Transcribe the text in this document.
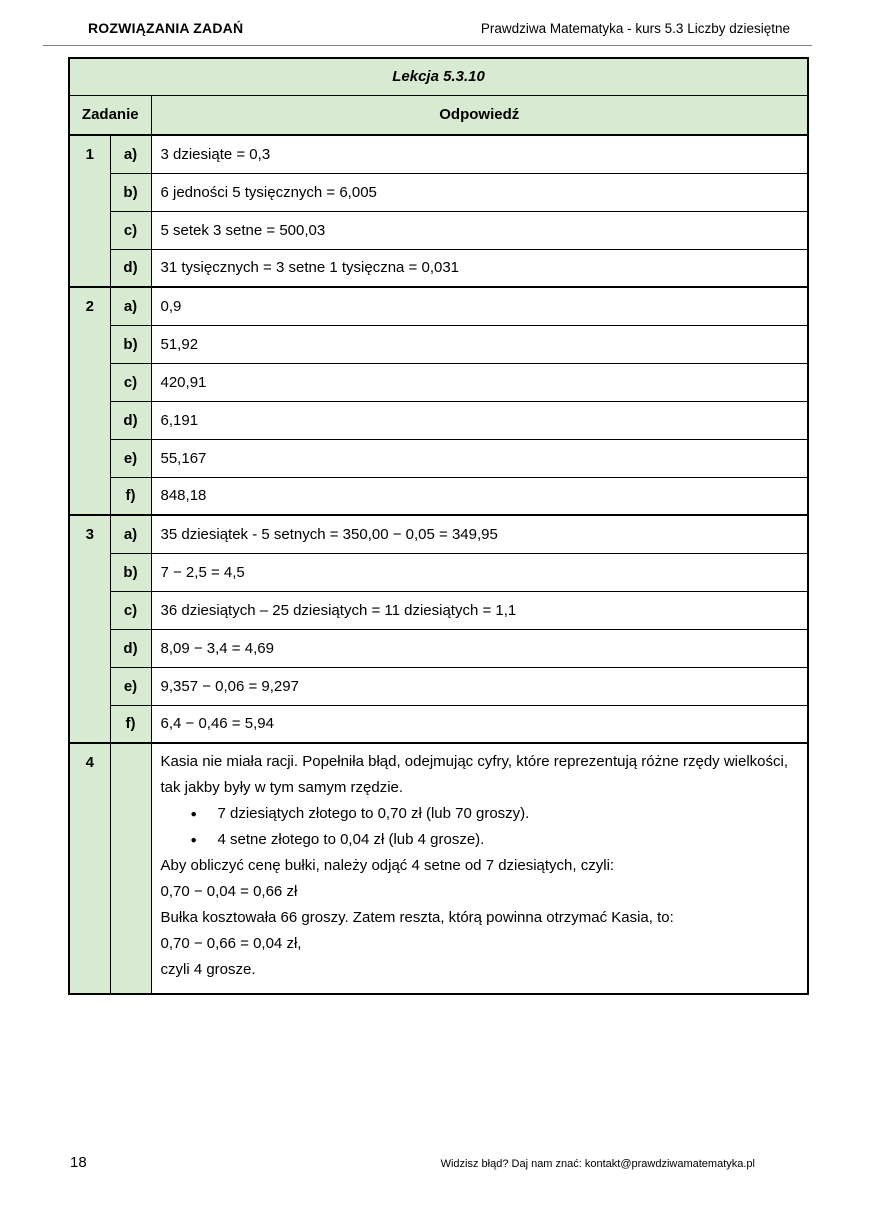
ROZWIĄZANIA ZADAŃ	Prawdziwa Matematyka - kurs 5.3 Liczby dziesiętne
Lekcja 5.3.10		
Zadanie		Odpowiedź
1	a)	3 dziesiąte = 0,3
	b)	6 jedności 5 tysięcznych = 6,005
	c)	5 setek 3 setne = 500,03
	d)	31 tysięcznych = 3 setne 1 tysięczna = 0,031
2	a)	0,9
	b)	51,92
	c)	420,91
	d)	6,191
	e)	55,167
	f)	848,18
3	a)	35 dziesiątek - 5 setnych = 350,00 − 0,05 = 349,95
	b)	7 − 2,5 = 4,5
	c)	36 dziesiątych – 25 dziesiątych = 11 dziesiątych = 1,1
	d)	8,09 − 3,4 = 4,69
	e)	9,357 − 0,06 = 9,297
	f)	6,4 − 0,46 = 5,94
4		Kasia nie miała racji. Popełniła błąd, odejmując cyfry, które reprezentują różne rzędy wielkości, tak jakby były w tym samym rzędzie.

● 7 dziesiątych złotego to 0,70 zł (lub 70 groszy).
● 4 setne złotego to 0,04 zł (lub 4 grosze).

Aby obliczyć cenę bułki, należy odjąć 4 setne od 7 dziesiątych, czyli:

0,70 − 0,04 = 0,66 zł

Bułka kosztowała 66 groszy. Zatem reszta, którą powinna otrzymać Kasia, to:

0,70 − 0,66 = 0,04 zł,

czyli 4 grosze.

18	Widzisz błąd? Daj nam znać: kontakt@prawdziwamatematyka.pl
